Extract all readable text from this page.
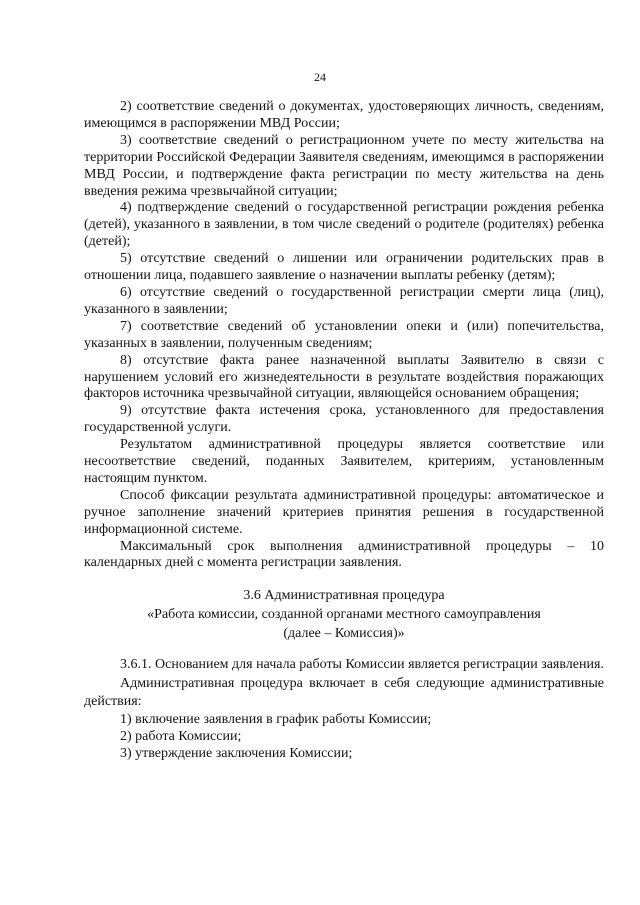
24

2) соответствие сведений о документах, удостоверяющих личность, сведениям, имеющимся в распоряжении МВД России;

3) соответствие сведений о регистрационном учете по месту жительства на территории Российской Федерации Заявителя сведениям, имеющимся в распоряжении МВД России, и подтверждение факта регистрации по месту жительства на день введения режима чрезвычайной ситуации;

4) подтверждение сведений о государственной регистрации рождения ребенка (детей), указанного в заявлении, в том числе сведений о родителе (родителях) ребенка (детей);

5) отсутствие сведений о лишении или ограничении родительских прав в отношении лица, подавшего заявление о назначении выплаты ребенку (детям);

6) отсутствие сведений о государственной регистрации смерти лица (лиц), указанного в заявлении;

7) соответствие сведений об установлении опеки и (или) попечительства, указанных в заявлении, полученным сведениям;

8) отсутствие факта ранее назначенной выплаты Заявителю в связи с нарушением условий его жизнедеятельности в результате воздействия поражающих факторов источника чрезвычайной ситуации, являющейся основанием обращения;

9) отсутствие факта истечения срока, установленного для предоставления государственной услуги.

Результатом административной процедуры является соответствие или несоответствие сведений, поданных Заявителем, критериям, установленным настоящим пунктом.

Способ фиксации результата административной процедуры: автоматическое и ручное заполнение значений критериев принятия решения в государственной информационной системе.

Максимальный срок выполнения административной процедуры – 10 календарных дней с момента регистрации заявления.

3.6 Административная процедура
«Работа комиссии, созданной органами местного самоуправления
(далее – Комиссия)»

3.6.1. Основанием для начала работы Комиссии является регистрации заявления.

Административная процедура включает в себя следующие административные действия:

1) включение заявления в график работы Комиссии;

2) работа Комиссии;

3) утверждение заключения Комиссии;
